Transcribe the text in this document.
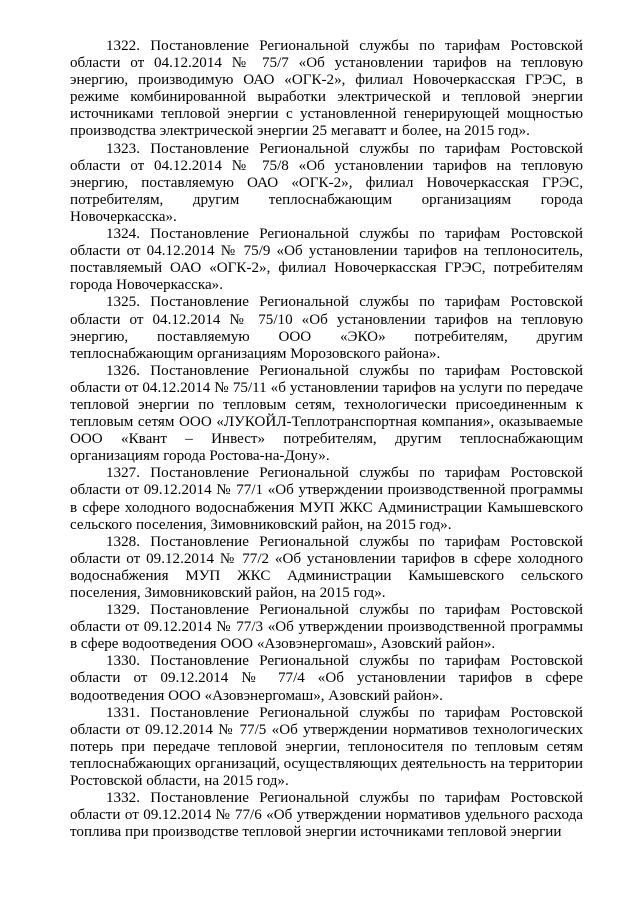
1322. Постановление Региональной службы по тарифам Ростовской области от 04.12.2014 № 75/7 «Об установлении тарифов на тепловую энергию, производимую ОАО «ОГК-2», филиал Новочеркасская ГРЭС, в режиме комбинированной выработки электрической и тепловой энергии источниками тепловой энергии с установленной генерирующей мощностью производства электрической энергии 25 мегаватт и более, на 2015 год».

1323. Постановление Региональной службы по тарифам Ростовской области от 04.12.2014 № 75/8 «Об установлении тарифов на тепловую энергию, поставляемую ОАО «ОГК-2», филиал Новочеркасская ГРЭС, потребителям, другим теплоснабжающим организациям города Новочеркасска».

1324. Постановление Региональной службы по тарифам Ростовской области от 04.12.2014 № 75/9 «Об установлении тарифов на теплоноситель, поставляемый ОАО «ОГК-2», филиал Новочеркасская ГРЭС, потребителям города Новочеркасска».

1325. Постановление Региональной службы по тарифам Ростовской области от 04.12.2014 № 75/10 «Об установлении тарифов на тепловую энергию, поставляемую ООО «ЭКО» потребителям, другим теплоснабжающим организациям Морозовского района».

1326. Постановление Региональной службы по тарифам Ростовской области от 04.12.2014 № 75/11 «б установлении тарифов на услуги по передаче тепловой энергии по тепловым сетям, технологически присоединенным к тепловым сетям ООО «ЛУКОЙЛ-Теплотранспортная компания», оказываемые ООО «Квант – Инвест» потребителям, другим теплоснабжающим организациям города Ростова-на-Дону».

1327. Постановление Региональной службы по тарифам Ростовской области от 09.12.2014 № 77/1 «Об утверждении производственной программы в сфере холодного водоснабжения МУП ЖКС Администрации Камышевского сельского поселения, Зимовниковский район, на 2015 год».

1328. Постановление Региональной службы по тарифам Ростовской области от 09.12.2014 № 77/2 «Об установлении тарифов в сфере холодного водоснабжения МУП ЖКС Администрации Камышевского сельского поселения, Зимовниковский район, на 2015 год».

1329. Постановление Региональной службы по тарифам Ростовской области от 09.12.2014 № 77/3 «Об утверждении производственной программы в сфере водоотведения ООО «Азовэнергомаш», Азовский район».

1330. Постановление Региональной службы по тарифам Ростовской области от 09.12.2014 № 77/4 «Об установлении тарифов в сфере водоотведения ООО «Азовэнергомаш», Азовский район».

1331. Постановление Региональной службы по тарифам Ростовской области от 09.12.2014 № 77/5 «Об утверждении нормативов технологических потерь при передаче тепловой энергии, теплоносителя по тепловым сетям теплоснабжающих организаций, осуществляющих деятельность на территории Ростовской области, на 2015 год».

1332. Постановление Региональной службы по тарифам Ростовской области от 09.12.2014 № 77/6 «Об утверждении нормативов удельного расхода топлива при производстве тепловой энергии источниками тепловой энергии
